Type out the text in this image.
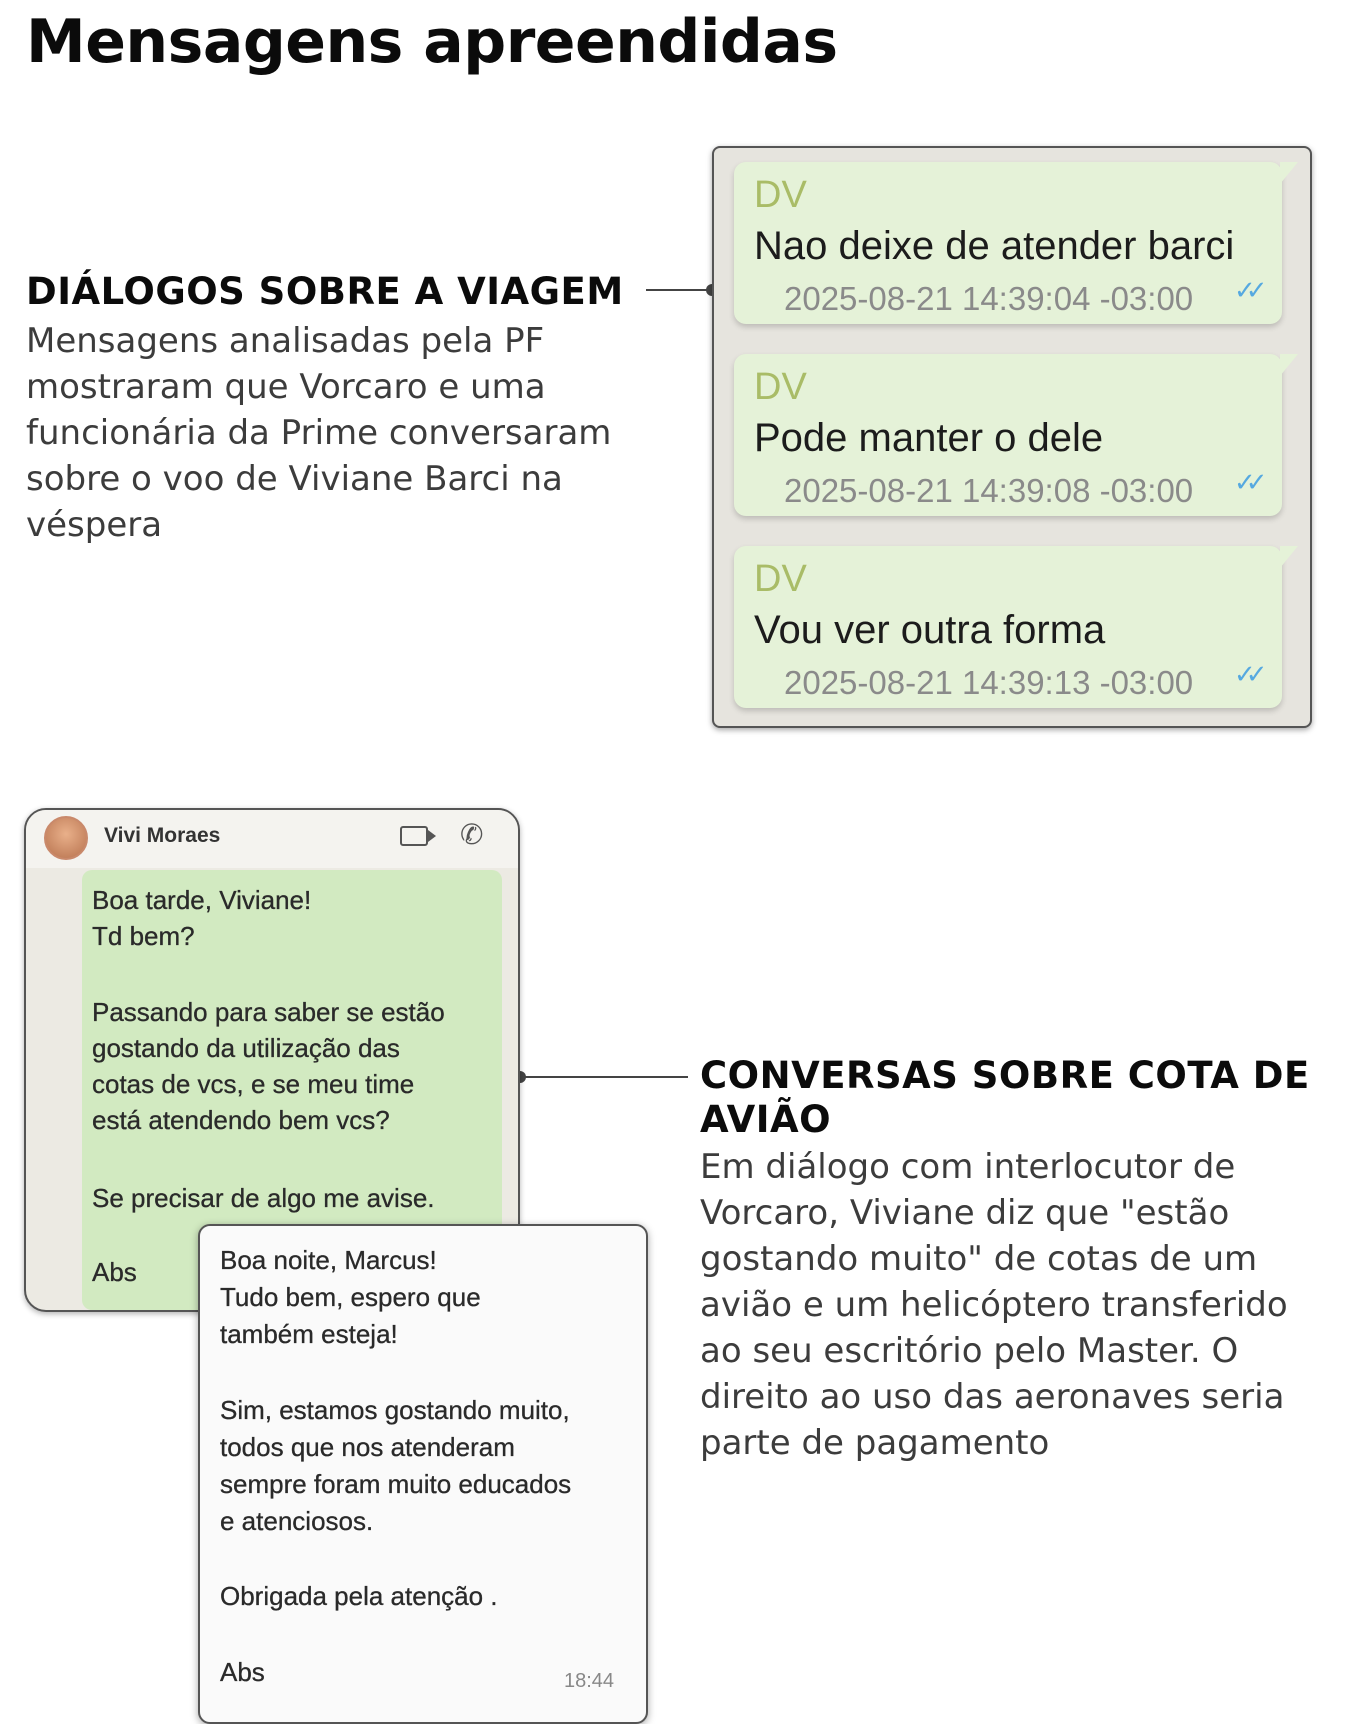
Mensagens apreendidas
DIÁLOGOS SOBRE A VIAGEM

Mensagens analisadas pela PF mostraram que Vorcaro e uma funcionária da Prime conversaram sobre o voo de Viviane Barci na véspera

DV
Nao deixe de atender barci
2025-08-21 14:39:04 -03:00 ✓✓
DV
Pode manter o dele
2025-08-21 14:39:08 -03:00 ✓✓
DV
Vou ver outra forma
2025-08-21 14:39:13 -03:00 ✓✓
CONVERSAS SOBRE COTA DE AVIÃO

Em diálogo com interlocutor de Vorcaro, Viviane diz que "estão gostando muito" de cotas de um avião e um helicóptero transferido ao seu escritório pelo Master. O direito ao uso das aeronaves seria parte de pagamento

Vivi Moraes	✆
Boa tarde, Viviane!
Td bem?
Passando para saber se estão
gostando da utilização das
cotas de vcs, e se meu time
está atendendo bem vcs?
Se precisar de algo me avise.
Abs	Boa noite, Marcus!
Tudo bem, espero que
também esteja!
Sim, estamos gostando muito,
todos que nos atenderam
sempre foram muito educados
e atenciosos.
Obrigada pela atenção .
Abs	18:44
